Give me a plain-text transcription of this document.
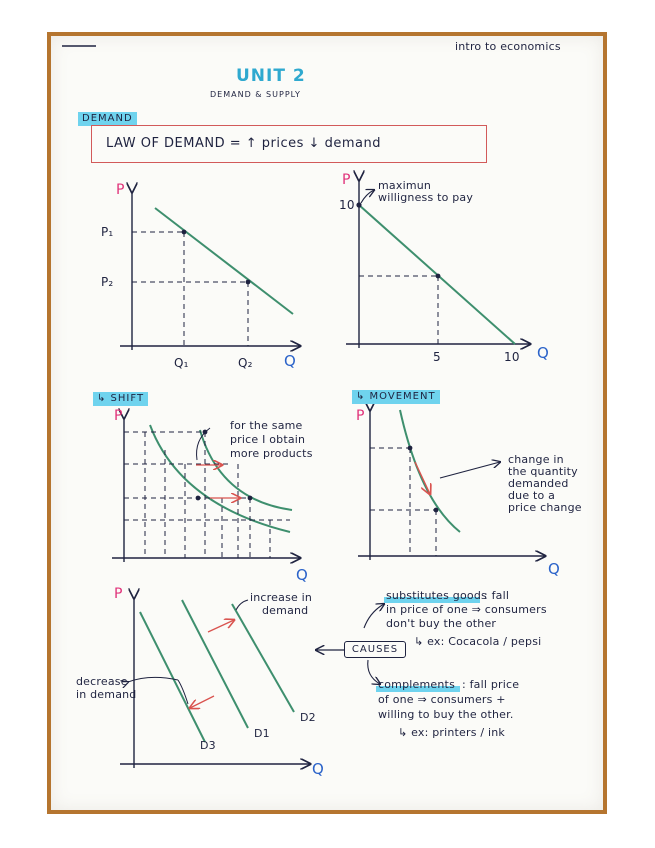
intro to economics
UNIT 2
DEMAND & SUPPLY
DEMAND
LAW OF DEMAND = ↑ prices ↓ demand
P
P₁
P₂
Q₁	Q₂ Q
P
10
5	10 Q
maximun
willigness to pay
↳ SHIFT
P
Q
for the same
price I obtain
more products
↳ MOVEMENT
P
Q
change in
the quantity
demanded
due to a
price change
P
Q
D3
D1
D2
increase in
demand
decrease
in demand
CAUSES
substitutes goods
: fall
in price of one ⇒ consumers
don't buy the other
↳ ex: Cocacola / pepsi
complements : fall price
of one ⇒ consumers +
willing to buy the other.
↳ ex: printers / ink
